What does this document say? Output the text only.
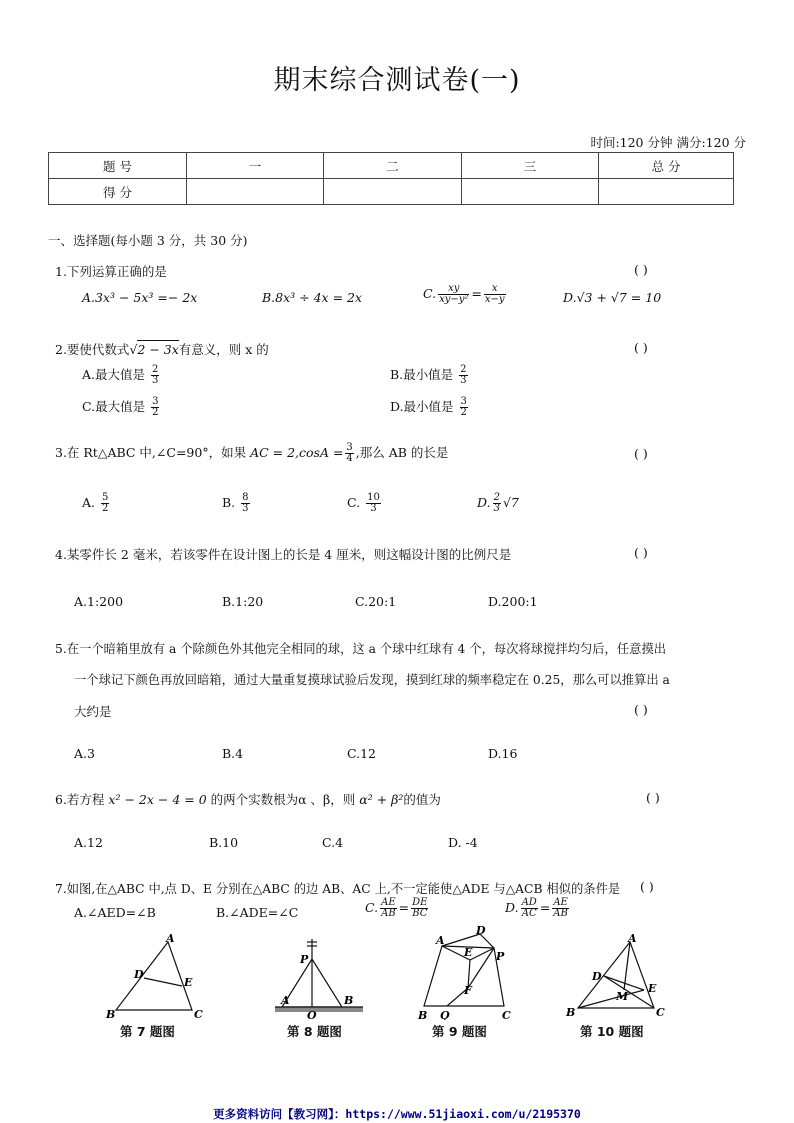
期末综合测试卷(一)
时间:120 分钟 满分:120 分
题 号	一	二	三	总 分
得 分				
一、选择题(每小题 3 分，共 30 分)
1.下列运算正确的是	( )
A.3x³ − 5x³ =− 2x	B.8x³ ÷ 4x = 2x	C. $\frac{xy}{\text{xy−y²}} = \frac{x}{x-y}$	D.√3 + √7 = 10
2.要使代数式√2 − 3x有意义，则 x 的	( )
A.最大值是 $\frac{2}{3}$	B.最小值是 $\frac{2}{3}$
C.最大值是 $\frac{3}{2}$	D.最小值是 $\frac{3}{2}$
3.在 Rt△ABC 中,∠C=90°，如果 AC = $2,\cos A = \frac{3}{4}$ ,那么 AB 的长是	( )
A. $\frac{5}{2}$	B. $\frac{8}{3}$	C. $\frac{10}{3}$	D. $\frac{2}{3} √7$
4.某零件长 2 毫米，若该零件在设计图上的长是 4 厘米，则这幅设计图的比例尺是	( )
A.1:200	B.1:20	C.20:1	D.200:1
5.在一个暗箱里放有 a 个除颜色外其他完全相同的球，这 a 个球中红球有 4 个，每次将球搅拌均匀后，任意摸出
一个球记下颜色再放回暗箱，通过大量重复摸球试验后发现，摸到红球的频率稳定在 0.25，那么可以推算出 a
大约是	( )
A.3	B.4	C.12	D.16
6.若方程 x² − 2x − 4 = 0 的两个实数根为α 、β，则 α² + β²的值为	( )
A.12	B.10	C.4	D. -4
7.如图,在△ABC 中,点 D、E 分别在△ABC 的边 AB、AC 上,不一定能使△ADE 与△ACB 相似的条件是 ( )
A.∠AED=∠B	B.∠ADE=∠C	C. $\frac{AE}{AB} = \frac{DE}{BC}$	D. $\frac{AD}{AC} = \frac{AE}{AB}$
A
B	C
D
E
第 7 题图
P
A
O
B
第 8 题图
A
B	C
D
E
F
P
Q
第 9 题图
A
B	C
D
E
M
第 10 题图
更多资料访问【教习网】：https://www.51jiaoxi.com/u/2195370
